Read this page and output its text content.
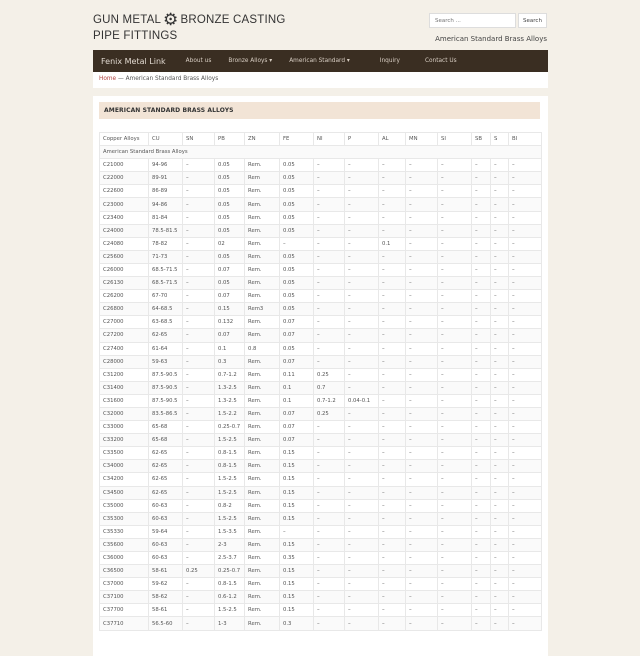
GUN METAL ⚙ BRONZE CASTING
PIPE FITTINGS
Search ...
Search
American Standard Brass Alloys
Fenix Metal Link	About us	Bronze Alloys ▾	American Standard ▾	Inquiry	Contact Us
Home — American Standard Brass Alloys
AMERICAN STANDARD BRASS ALLOYS
Copper Alloys	CU	SN	PB	ZN	FE	NI	P	AL	MN	SI	SB	S	BI
American Standard Brass Alloys													
C21000	94-96	–	0.05	Rem.	0.05	–	–	–	–	–	–	–	–
C22000	89-91	–	0.05	Rem	0.05	–	–	–	–	–	–	–	–
C22600	86-89	–	0.05	Rem.	0.05	–	–	–	–	–	–	–	–
C23000	94-86	–	0.05	Rem.	0.05	–	–	–	–	–	–	–	–
C23400	81-84	–	0.05	Rem.	0.05	–	–	–	–	–	–	–	–
C24000	78.5-81.5	–	0.05	Rem.	0.05	–	–	–	–	–	–	–	–
C24080	78-82	–	02	Rem.	–	–	–	0.1	–	–	–	–	–
C25600	71-73	–	0.05	Rem.	0.05	–	–	–	–	–	–	–	–
C26000	68.5-71.5	–	0.07	Rem.	0.05	–	–	–	–	–	–	–	–
C26130	68.5-71.5	–	0.05	Rem.	0.05	–	–	–	–	–	–	–	–
C26200	67-70	–	0.07	Rem.	0.05	–	–	–	–	–	–	–	–
C26800	64-68.5	–	0.15	Rem3	0.05	–	–	–	–	–	–	–	–
C27000	63-68.5	–	0.132	Rem.	0.07	–	–	–	–	–	–	–	–
C27200	62-65	–	0.07	Rem.	0.07	–	–	–	–	–	–	–	–
C27400	61-64	–	0.1	0.8	0.05	–	–	–	–	–	–	–	–
C28000	59-63	–	0.3	Rem.	0.07	–	–	–	–	–	–	–	–
C31200	87.5-90.5	–	0.7-1.2	Rem.	0.11	0.25	–	–	–	–	–	–	–
C31400	87.5-90.5	–	1.3-2.5	Rem.	0.1	0.7	–	–	–	–	–	–	–
C31600	87.5-90.5	–	1.3-2.5	Rem.	0.1	0.7-1.2	0.04-0.1	–	–	–	–	–	–
C32000	83.5-86.5	–	1.5-2.2	Rem.	0.07	0.25	–	–	–	–	–	–	–
C33000	65-68	–	0.25-0.7	Rem.	0.07	–	–	–	–	–	–	–	–
C33200	65-68	–	1.5-2.5	Rem.	0.07	–	–	–	–	–	–	–	–
C33500	62-65	–	0.8-1.5	Rem.	0.15	–	–	–	–	–	–	–	–
C34000	62-65	–	0.8-1.5	Rem.	0.15	–	–	–	–	–	–	–	–
C34200	62-65	–	1.5-2.5	Rem.	0.15	–	–	–	–	–	–	–	–
C34500	62-65	–	1.5-2.5	Rem.	0.15	–	–	–	–	–	–	–	–
C35000	60-63	–	0.8-2	Rem.	0.15	–	–	–	–	–	–	–	–
C35300	60-63	–	1.5-2.5	Rem.	0.15	–	–	–	–	–	–	–	–
C35330	59-64	–	1.5-3.5	Rem.	–	–	–	–	–	–	–	–	–
C35600	60-63	–	2-3	Rem.	0.15	–	–	–	–	–	–	–	–
C36000	60-63	–	2.5-3.7	Rem.	0.35	–	–	–	–	–	–	–	–
C36500	58-61	0.25	0.25-0.7	Rem.	0.15	–	–	–	–	–	–	–	–
C37000	59-62	–	0.8-1.5	Rem.	0.15	–	–	–	–	–	–	–	–
C37100	58-62	–	0.6-1.2	Rem.	0.15	–	–	–	–	–	–	–	–
C37700	58-61	–	1.5-2.5	Rem.	0.15	–	–	–	–	–	–	–	–
C37710	56.5-60	–	1-3	Rem.	0.3	–	–	–	–	–	–	–	–
